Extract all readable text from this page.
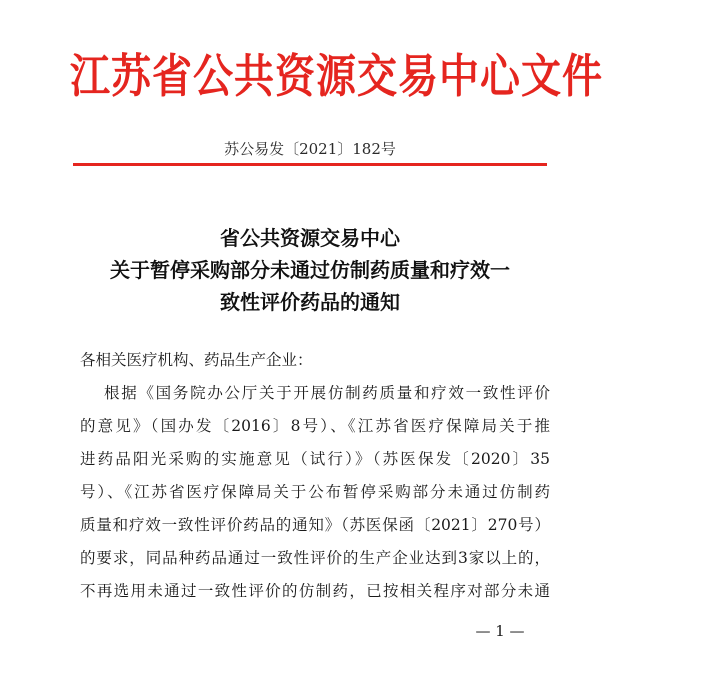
江苏省公共资源交易中心文件
苏公易发〔2021〕182号
省公共资源交易中心
关于暂停采购部分未通过仿制药质量和疗效一
致性评价药品的通知
各相关医疗机构、药品生产企业：
根据《国务院办公厅关于开展仿制药质量和疗效一致性评价
的意见》（国办发〔2016〕8号）、《江苏省医疗保障局关于推
进药品阳光采购的实施意见（试行）》（苏医保发〔2020〕35
号）、《江苏省医疗保障局关于公布暂停采购部分未通过仿制药
质量和疗效一致性评价药品的通知》（苏医保函〔2021〕270号）
的要求，同品种药品通过一致性评价的生产企业达到3家以上的，
不再选用未通过一致性评价的仿制药，已按相关程序对部分未通
— 1 —
